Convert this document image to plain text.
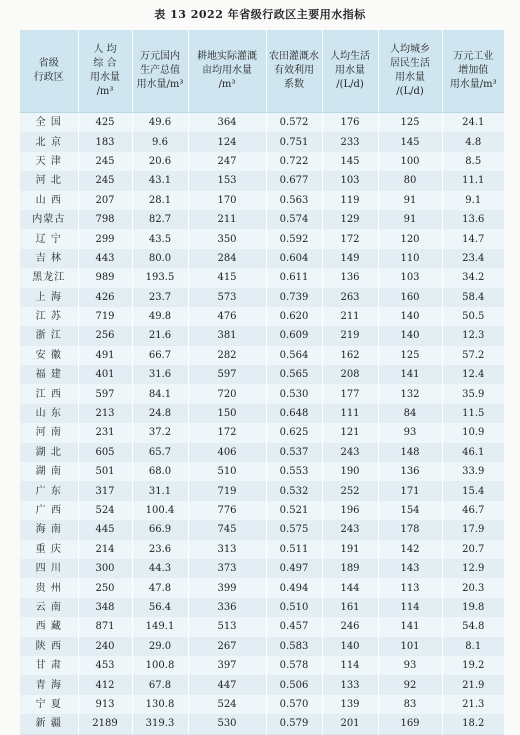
表 13 2022 年省级行政区主要用水指标
省级
行政区	人 均
综 合
用水量
/m³	万元国内
生产总值
用水量/m³	耕地实际灌溉
亩均用水量
/m³	农田灌溉水
有效利用
系数	人均生活
用水量
/(L/d)	人均城乡
居民生活
用水量
/(L/d)	万元工业
增加值
用水量/m³
全 国	425	49.6	364	0.572	176	125	24.1
北 京	183	9.6	124	0.751	233	145	4.8
天 津	245	20.6	247	0.722	145	100	8.5
河 北	245	43.1	153	0.677	103	80	11.1
山 西	207	28.1	170	0.563	119	91	9.1
内蒙古	798	82.7	211	0.574	129	91	13.6
辽 宁	299	43.5	350	0.592	172	120	14.7
吉 林	443	80.0	284	0.604	149	110	23.4
黑龙江	989	193.5	415	0.611	136	103	34.2
上 海	426	23.7	573	0.739	263	160	58.4
江 苏	719	49.8	476	0.620	211	140	50.5
浙 江	256	21.6	381	0.609	219	140	12.3
安 徽	491	66.7	282	0.564	162	125	57.2
福 建	401	31.6	597	0.565	208	141	12.4
江 西	597	84.1	720	0.530	177	132	35.9
山 东	213	24.8	150	0.648	111	84	11.5
河 南	231	37.2	172	0.625	121	93	10.9
湖 北	605	65.7	406	0.537	243	148	46.1
湖 南	501	68.0	510	0.553	190	136	33.9
广 东	317	31.1	719	0.532	252	171	15.4
广 西	524	100.4	776	0.521	196	154	46.7
海 南	445	66.9	745	0.575	243	178	17.9
重 庆	214	23.6	313	0.511	191	142	20.7
四 川	300	44.3	373	0.497	189	143	12.9
贵 州	250	47.8	399	0.494	144	113	20.3
云 南	348	56.4	336	0.510	161	114	19.8
西 藏	871	149.1	513	0.457	246	141	54.8
陕 西	240	29.0	267	0.583	140	101	8.1
甘 肃	453	100.8	397	0.578	114	93	19.2
青 海	412	67.8	447	0.506	133	92	21.9
宁 夏	913	130.8	524	0.570	139	83	21.3
新 疆	2189	319.3	530	0.579	201	169	18.2
